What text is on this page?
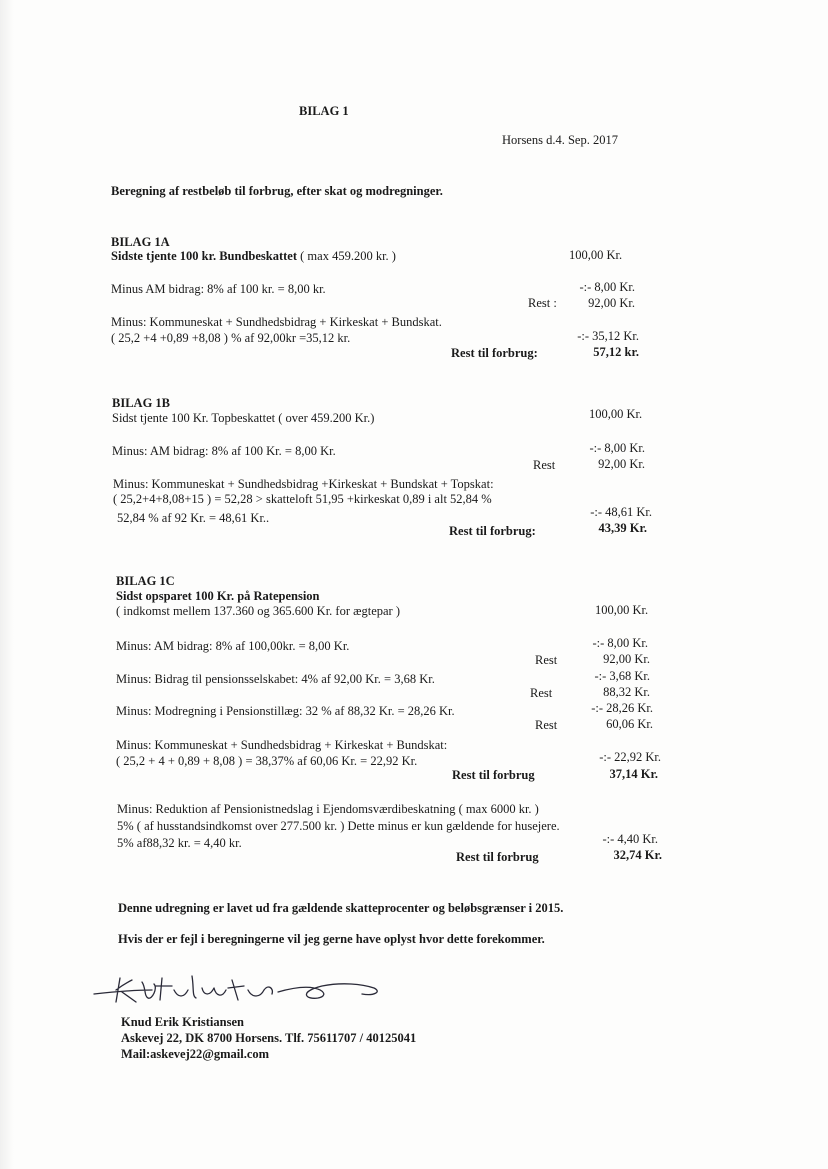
BILAG 1
Horsens d.4. Sep. 2017
Beregning af restbeløb til forbrug, efter skat og modregninger.
BILAG 1A
Sidste tjente 100 kr. Bundbeskattet ( max 459.200 kr. )	100,00 Kr.
Minus AM bidrag: 8% af 100 kr. = 8,00 kr.	-:- 8,00 Kr.
Rest :	92,00 Kr.
Minus: Kommuneskat + Sundhedsbidrag + Kirkeskat + Bundskat.
( 25,2 +4 +0,89 +8,08 ) % af 92,00kr =35,12 kr.	-:- 35,12 Kr.
Rest til forbrug:	57,12 kr.
BILAG 1B
Sidst tjente 100 Kr. Topbeskattet ( over 459.200 Kr.)	100,00 Kr.
Minus: AM bidrag: 8% af 100 Kr. = 8,00 Kr.	-:- 8,00 Kr.
Rest	92,00 Kr.
Minus: Kommuneskat + Sundhedsbidrag +Kirkeskat + Bundskat + Topskat:
( 25,2+4+8,08+15 ) = 52,28 > skatteloft 51,95 +kirkeskat 0,89 i alt 52,84 %
52,84 % af 92 Kr. = 48,61 Kr..	-:- 48,61 Kr.
Rest til forbrug:	43,39 Kr.
BILAG 1C
Sidst opsparet 100 Kr. på Ratepension
( indkomst mellem 137.360 og 365.600 Kr. for ægtepar )	100,00 Kr.
Minus: AM bidrag: 8% af 100,00kr. = 8,00 Kr.	-:- 8,00 Kr.
Rest	92,00 Kr.
Minus: Bidrag til pensionsselskabet: 4% af 92,00 Kr. = 3,68 Kr.	-:- 3,68 Kr.
Rest	88,32 Kr.
Minus: Modregning i Pensionstillæg: 32 % af 88,32 Kr. = 28,26 Kr.	-:- 28,26 Kr.
Rest	60,06 Kr.
Minus: Kommuneskat + Sundhedsbidrag + Kirkeskat + Bundskat:
( 25,2 + 4 + 0,89 + 8,08 ) = 38,37% af 60,06 Kr. = 22,92 Kr.	-:- 22,92 Kr.
Rest til forbrug	37,14 Kr.
Minus: Reduktion af Pensionistnedslag i Ejendomsværdibeskatning ( max 6000 kr. )
5% ( af husstandsindkomst over 277.500 kr. ) Dette minus er kun gældende for husejere.
5% af88,32 kr. = 4,40 kr.	-:- 4,40 Kr.
Rest til forbrug	32,74 Kr.
Denne udregning er lavet ud fra gældende skatteprocenter og beløbsgrænser i 2015.
Hvis der er fejl i beregningerne vil jeg gerne have oplyst hvor dette forekommer.
Knud Erik Kristiansen
Askevej 22, DK 8700 Horsens. Tlf. 75611707 / 40125041
Mail:askevej22@gmail.com
